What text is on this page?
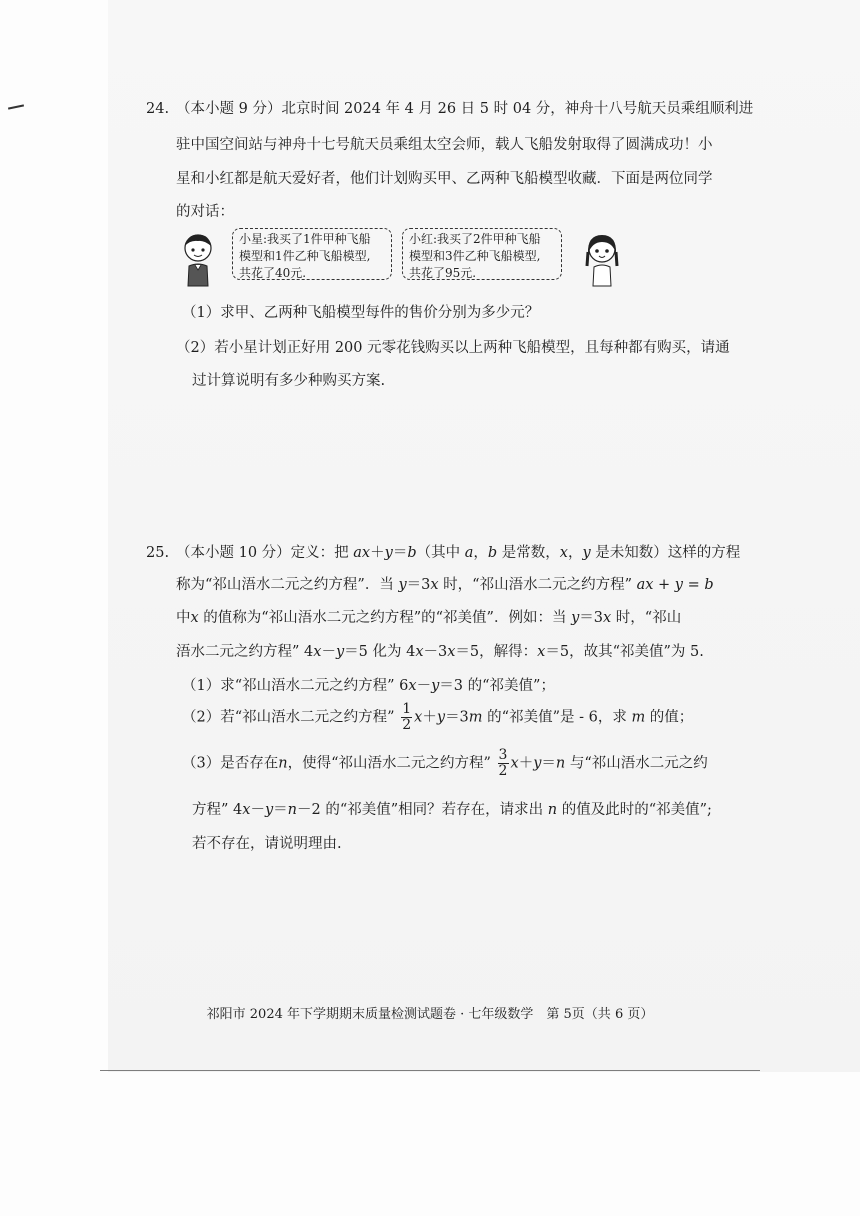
24. （本小题 9 分）北京时间 2024 年 4 月 26 日 5 时 04 分，神舟十八号航天员乘组顺利进
驻中国空间站与神舟十七号航天员乘组太空会师，载人飞船发射取得了圆满成功！小
星和小红都是航天爱好者，他们计划购买甲、乙两种飞船模型收藏．下面是两位同学
的对话：
（1）求甲、乙两种飞船模型每件的售价分别为多少元？
（2）若小星计划正好用 200 元零花钱购买以上两种飞船模型，且每种都有购买，请通
过计算说明有多少种购买方案.
小星:我买了1件甲种飞船
模型和1件乙种飞船模型,
共花了40元.
小红:我买了2件甲种飞船
模型和3件乙种飞船模型,
共花了95元.
25. （本小题 10 分）定义：把 ax＋y＝b（其中 a，b 是常数，x，y 是未知数）这样的方程
称为“祁山浯水二元之约方程”．当 y＝3x 时，“祁山浯水二元之约方程” ax + y = b
中x 的值称为“祁山浯水二元之约方程”的“祁美值”．例如：当 y＝3x 时，“祁山
浯水二元之约方程” 4x－y＝5 化为 4x－3x＝5，解得：x＝5，故其“祁美值”为 5.
（1）求“祁山浯水二元之约方程” 6x－y＝3 的“祁美值”；
（2）若“祁山浯水二元之约方程” $\frac{1}{2} x+y=3m$ 的“祁美值”是 - 6，求 m 的值；
（3）是否存在n，使得“祁山浯水二元之约方程” $\frac{3}{2} x+y=n$ 与“祁山浯水二元之约
方程” 4x－y＝n－2 的“祁美值”相同？若存在，请求出 n 的值及此时的“祁美值”;
若不存在，请说明理由.
祁阳市 2024 年下学期期末质量检测试题卷 · 七年级数学　第 5页（共 6 页）
